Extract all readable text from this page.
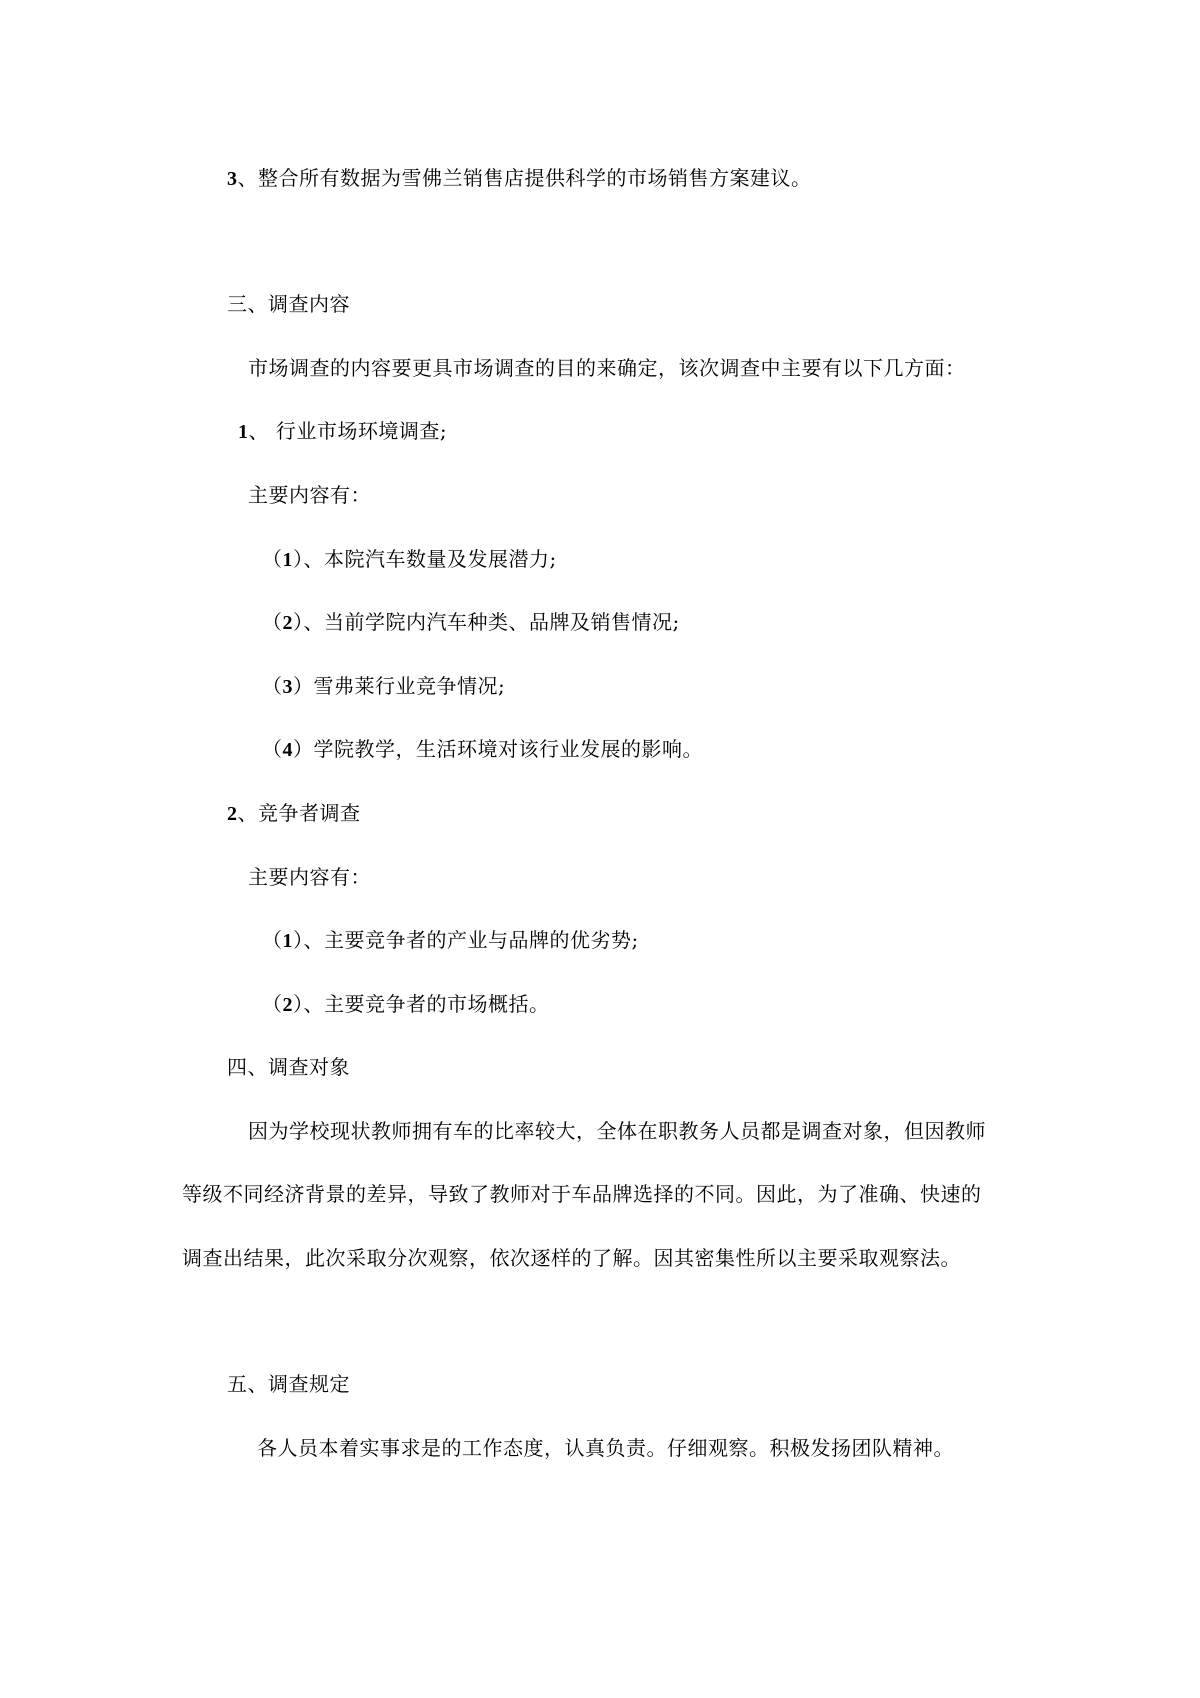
3、整合所有数据为雪佛兰销售店提供科学的市场销售方案建议。
三、调查内容
市场调查的内容要更具市场调查的目的来确定，该次调查中主要有以下几方面：
1、 行业市场环境调查;
主要内容有：
（1）、本院汽车数量及发展潜力;
（2）、当前学院内汽车种类、品牌及销售情况;
（3）雪弗莱行业竞争情况;
（4）学院教学，生活环境对该行业发展的影响。
2、竞争者调查
主要内容有：
（1）、主要竞争者的产业与品牌的优劣势;
（2）、主要竞争者的市场概括。
四、调查对象
因为学校现状教师拥有车的比率较大，全体在职教务人员都是调查对象，但因教师
等级不同经济背景的差异，导致了教师对于车品牌选择的不同。因此，为了准确、快速的
调查出结果，此次采取分次观察，依次逐样的了解。因其密集性所以主要采取观察法。
五、调查规定
各人员本着实事求是的工作态度，认真负责。仔细观察。积极发扬团队精神。
